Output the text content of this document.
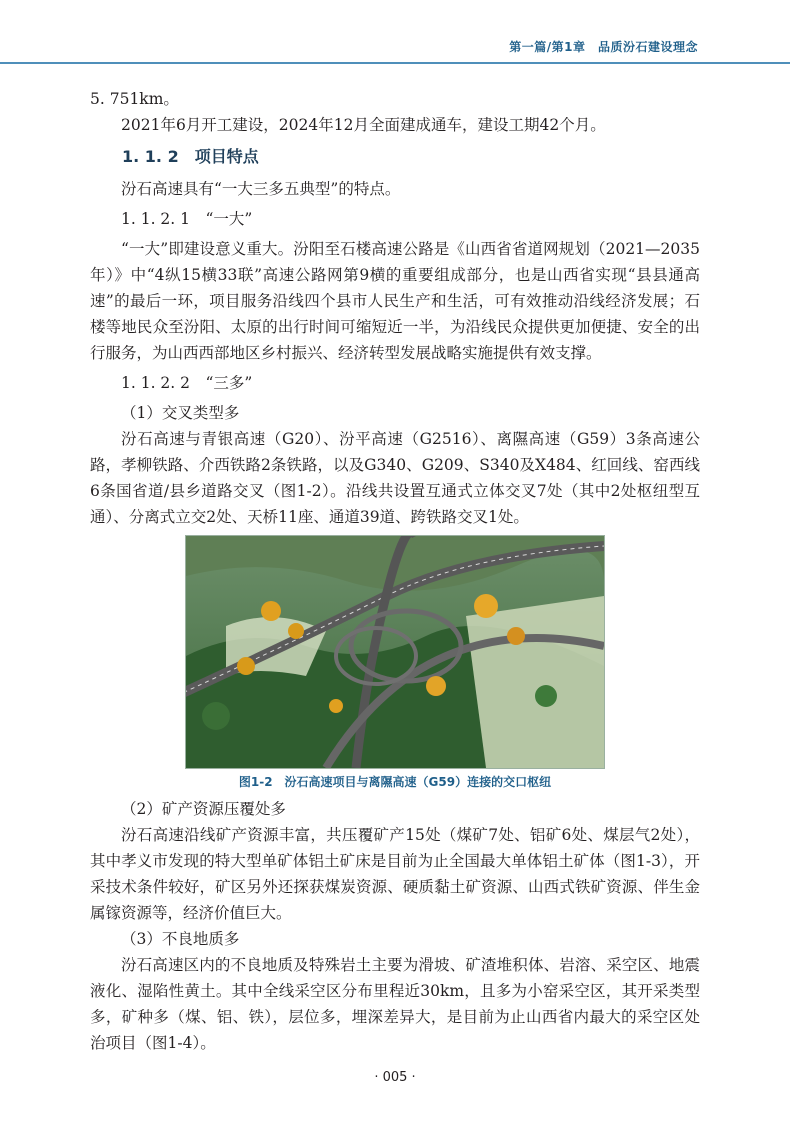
第一篇/第1章　品质汾石建设理念

5. 751km。

2021年6月开工建设，2024年12月全面建成通车，建设工期42个月。

1. 1. 2　项目特点

汾石高速具有“一大三多五典型”的特点。

1. 1. 2. 1　“一大”

“一大”即建设意义重大。汾阳至石楼高速公路是《山西省省道网规划（2021—2035年）》中“4纵15横33联”高速公路网第9横的重要组成部分，也是山西省实现“县县通高速”的最后一环，项目服务沿线四个县市人民生产和生活，可有效推动沿线经济发展；石楼等地民众至汾阳、太原的出行时间可缩短近一半，为沿线民众提供更加便捷、安全的出行服务，为山西西部地区乡村振兴、经济转型发展战略实施提供有效支撑。

1. 1. 2. 2　“三多”

（1）交叉类型多

汾石高速与青银高速（G20）、汾平高速（G2516）、离隰高速（G59）3条高速公路，孝柳铁路、介西铁路2条铁路，以及G340、G209、S340及X484、红回线、窑西线6条国省道/县乡道路交叉（图1-2）。沿线共设置互通式立体交叉7处（其中2处枢纽型互通）、分离式立交2处、天桥11座、通道39道、跨铁路交叉1处。

图1-2　汾石高速项目与离隰高速（G59）连接的交口枢纽

（2）矿产资源压覆处多

汾石高速沿线矿产资源丰富，共压覆矿产15处（煤矿7处、铝矿6处、煤层气2处），其中孝义市发现的特大型单矿体铝土矿床是目前为止全国最大单体铝土矿体（图1-3），开采技术条件较好，矿区另外还探获煤炭资源、硬质黏土矿资源、山西式铁矿资源、伴生金属镓资源等，经济价值巨大。

（3）不良地质多

汾石高速区内的不良地质及特殊岩土主要为滑坡、矿渣堆积体、岩溶、采空区、地震液化、湿陷性黄土。其中全线采空区分布里程近30km，且多为小窑采空区，其开采类型多，矿种多（煤、铝、铁），层位多，埋深差异大，是目前为止山西省内最大的采空区处治项目（图1-4）。

· 005 ·
